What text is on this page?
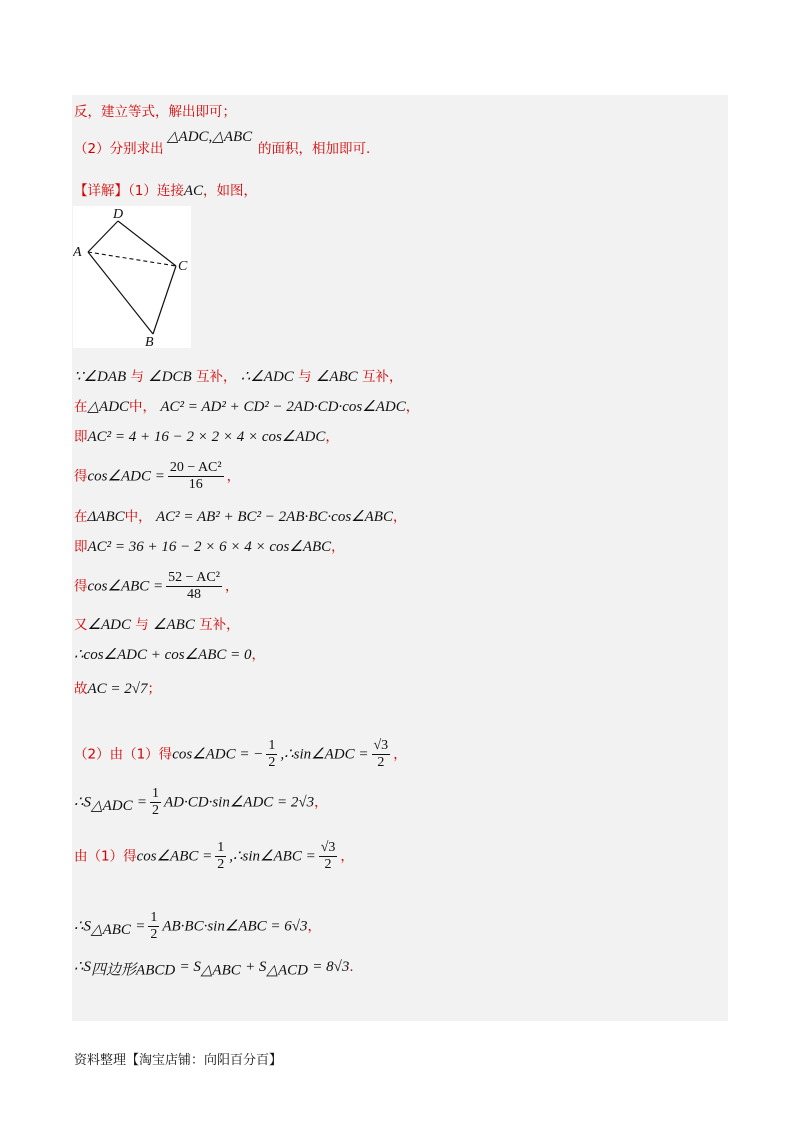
反，建立等式，解出即可；
（2）分别求出
△ADC,△ABC
的面积，相加即可.
【详解】（1）连接AC，如图，
D
A
C
B
∵∠DAB 与 ∠DCB 互补， ∴∠ADC 与 ∠ABC 互补，
在△ADC中， AC² = AD² + CD² − 2AD·CD·cos∠ADC，
即AC² = 4 + 16 − 2 × 2 × 4 × cos∠ADC，
得cos∠ADC = $\frac{\text{20 − AC²}}{16}$ ，
在ΔABC中， AC² = AB² + BC² − 2AB·BC·cos∠ABC，
即AC² = 36 + 16 − 2 × 6 × 4 × cos∠ABC，
得cos∠ABC = $\frac{\text{52 − AC²}}{48}$ ，
又∠ADC 与 ∠ABC 互补，
∴cos∠ADC + cos∠ABC = 0，
故AC = 2√7；
（2）由（1）得cos∠ADC = − $\frac{1}{2}$ ,∴sin∠ADC = $\frac{√3}{2}$ ，
$\therefore S_{\triangle ADC} = \frac{1}{2}$ AD·CD·sin∠ADC = 2√3，
由（1）得cos∠ABC = $\frac{1}{2}$ ,∴sin∠ABC = $\frac{√3}{2}$ ，
$\therefore S_{\triangle ABC} = \frac{1}{2}$ AB·BC·sin∠ABC = 6√3，
$\therefore S_{四边形ABCD} = S_{\triangle ABC} + S_{\triangle ACD} = 8√3$.
资料整理【淘宝店铺：向阳百分百】
